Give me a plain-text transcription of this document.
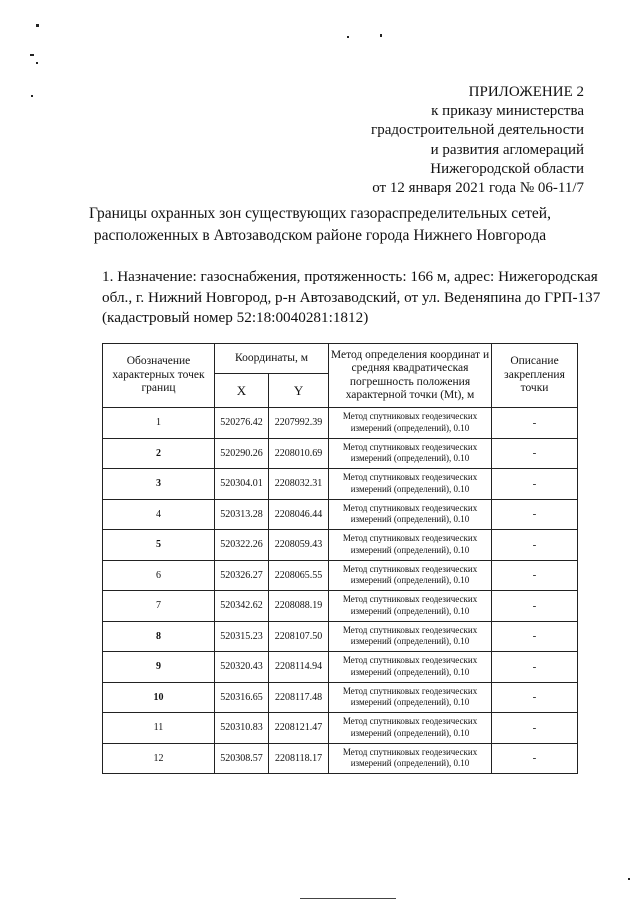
ПРИЛОЖЕНИЕ 2
к приказу министерства
градостроительной деятельности
и развития агломераций
Нижегородской области
от 12 января 2021 года № 06-11/7
Границы охранных зон существующих газораспределительных сетей,
расположенных в Автозаводском районе города Нижнего Новгорода
1. Назначение: газоснабжения, протяженность: 166 м, адрес: Нижегородская
обл., г. Нижний Новгород, р-н Автозаводский, от ул. Веденяпина до ГРП-137
(кадастровый номер 52:18:0040281:1812)
Обозначение характерных точек границ	Координаты, м		Метод определения координат и средняя квадратическая погрешность положения характерной точки (Mt), м	Описание закрепления точки
	X	Y		
1	520276.42	2207992.39	Метод спутниковых геодезических измерений (определений), 0.10	-
2	520290.26	2208010.69	Метод спутниковых геодезических измерений (определений), 0.10	-
3	520304.01	2208032.31	Метод спутниковых геодезических измерений (определений), 0.10	-
4	520313.28	2208046.44	Метод спутниковых геодезических измерений (определений), 0.10	-
5	520322.26	2208059.43	Метод спутниковых геодезических измерений (определений), 0.10	-
6	520326.27	2208065.55	Метод спутниковых геодезических измерений (определений), 0.10	-
7	520342.62	2208088.19	Метод спутниковых геодезических измерений (определений), 0.10	-
8	520315.23	2208107.50	Метод спутниковых геодезических измерений (определений), 0.10	-
9	520320.43	2208114.94	Метод спутниковых геодезических измерений (определений), 0.10	-
10	520316.65	2208117.48	Метод спутниковых геодезических измерений (определений), 0.10	-
11	520310.83	2208121.47	Метод спутниковых геодезических измерений (определений), 0.10	-
12	520308.57	2208118.17	Метод спутниковых геодезических измерений (определений), 0.10	-
